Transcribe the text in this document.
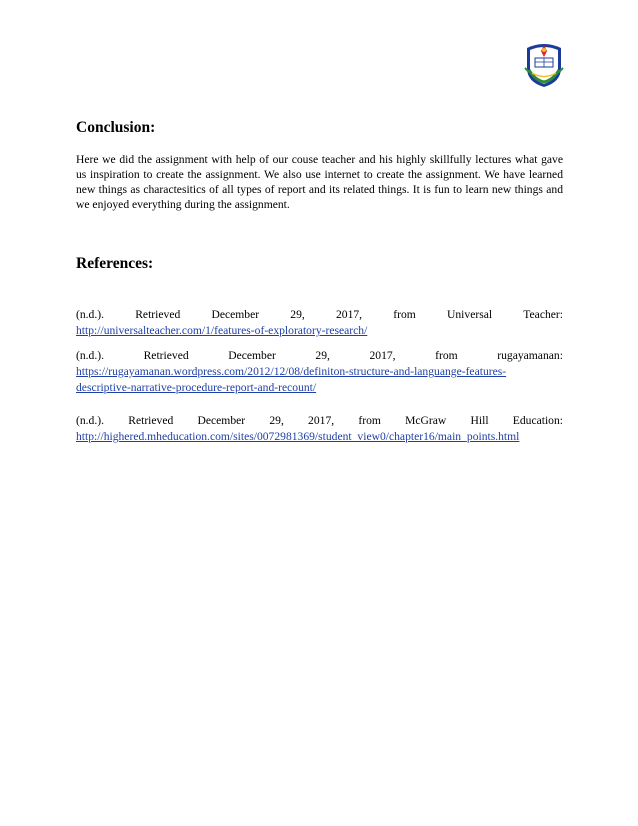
Conclusion:

Here we did the assignment with help of our couse teacher and his highly skillfully lectures what gave us inspiration to create the assignment. We also use internet to create the assignment. We have learned new things as charactesitics of all types of report and its related things. It is fun to learn new things and we enjoyed everything during the assignment.

References:
(n.d.).	Retrieved	December	29,	2017,	from	Universal	Teacher:
http://universalteacher.com/1/features-of-exploratory-research/
(n.d.).	Retrieved	December	29,	2017,	from	rugayamanan:
https://rugayamanan.wordpress.com/2012/12/08/definiton-structure-and-languange-features-
descriptive-narrative-procedure-report-and-recount/
(n.d.). Retrieved December 29, 2017, from McGraw Hill Education:
http://highered.mheducation.com/sites/0072981369/student_view0/chapter16/main_points.html
